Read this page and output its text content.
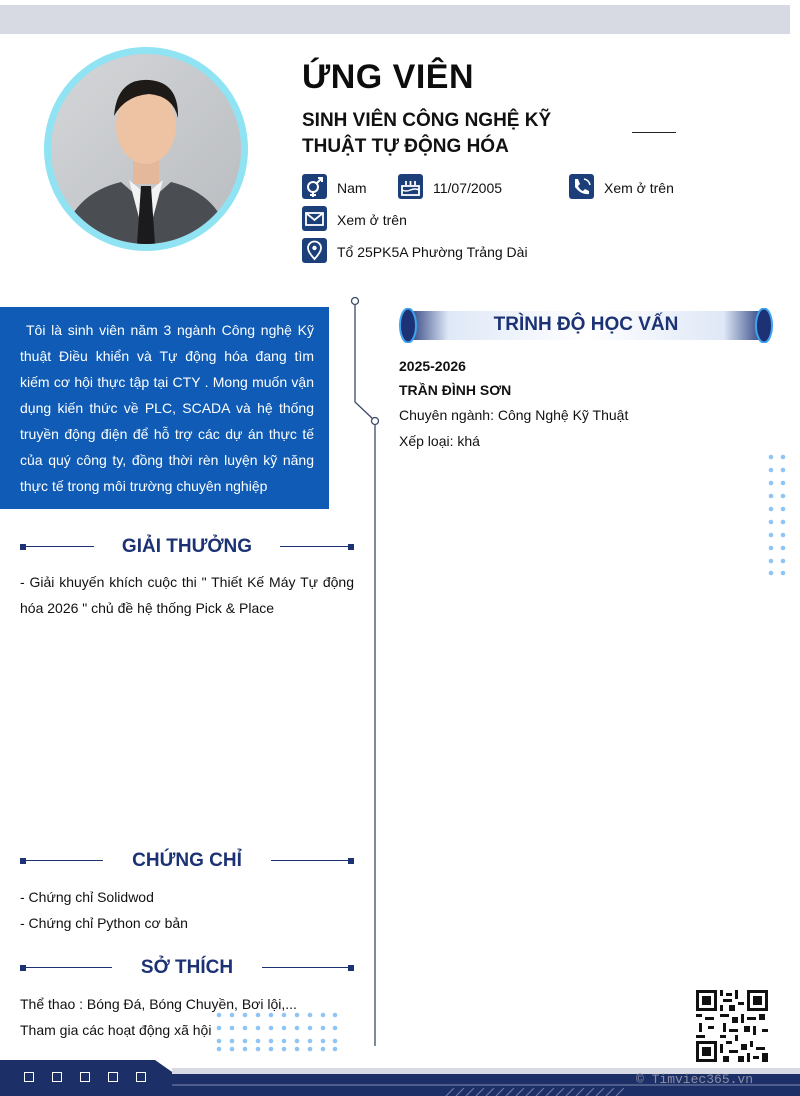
ỨNG VIÊN
SINH VIÊN CÔNG NGHỆ KỸ
THUẬT TỰ ĐỘNG HÓA
Nam	11/07/2005	Xem ở trên
Xem ở trên
Tổ 25PK5A Phường Trảng Dài

Tôi là sinh viên năm 3 ngành Công nghệ Kỹ thuật Điều khiển và Tự động hóa đang tìm kiếm cơ hội thực tập tại CTY . Mong muốn vận dụng kiến thức về PLC, SCADA và hệ thống truyền động điện để hỗ trợ các dự án thực tế của quý công ty, đồng thời rèn luyện kỹ năng thực tế trong môi trường chuyên nghiệp

GIẢI THƯỞNG
- Giải khuyến khích cuộc thi " Thiết Kế Máy Tự động hóa 2026 " chủ đề hệ thống Pick & Place
CHỨNG CHỈ
- Chứng chỉ Solidwod
- Chứng chỉ Python cơ bản
SỞ THÍCH
Thể thao : Bóng Đá, Bóng Chuyền, Bơi lội,...
Tham gia các hoạt động xã hội
TRÌNH ĐỘ HỌC VẤN
2025-2026
TRẦN ĐÌNH SƠN
Chuyên ngành: Công Nghệ Kỹ Thuật
Xếp loại: khá
© Timviec365.vn
